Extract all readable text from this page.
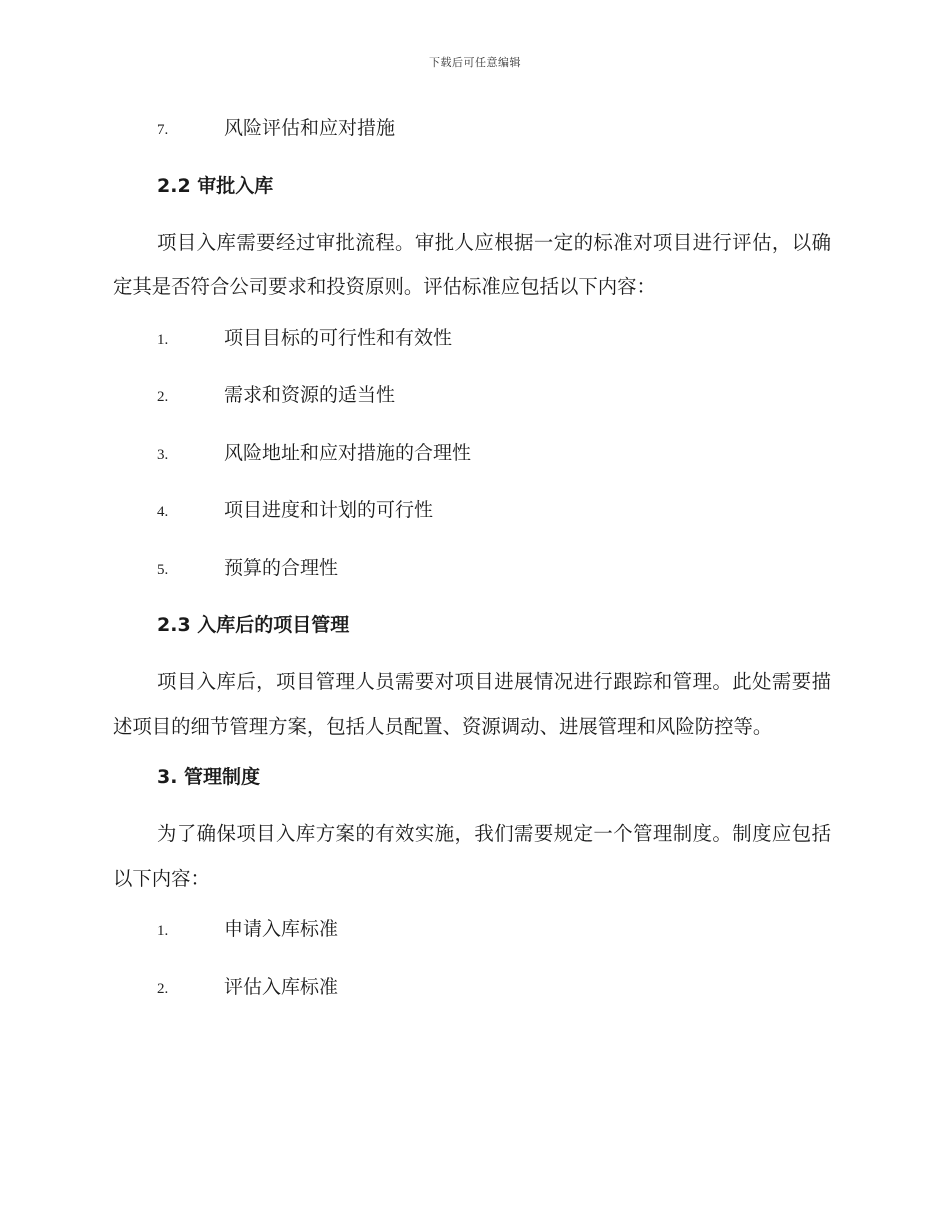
下载后可任意编辑
7.	风险评估和应对措施
2.2 审批入库
项目入库需要经过审批流程。审批人应根据一定的标准对项目进行评估，以确定其是否符合公司要求和投资原则。评估标准应包括以下内容：
1.	项目目标的可行性和有效性
2.	需求和资源的适当性
3.	风险地址和应对措施的合理性
4.	项目进度和计划的可行性
5.	预算的合理性
2.3 入库后的项目管理
项目入库后，项目管理人员需要对项目进展情况进行跟踪和管理。此处需要描述项目的细节管理方案，包括人员配置、资源调动、进展管理和风险防控等。
3. 管理制度
为了确保项目入库方案的有效实施，我们需要规定一个管理制度。制度应包括以下内容：
1.	申请入库标准
2.	评估入库标准
